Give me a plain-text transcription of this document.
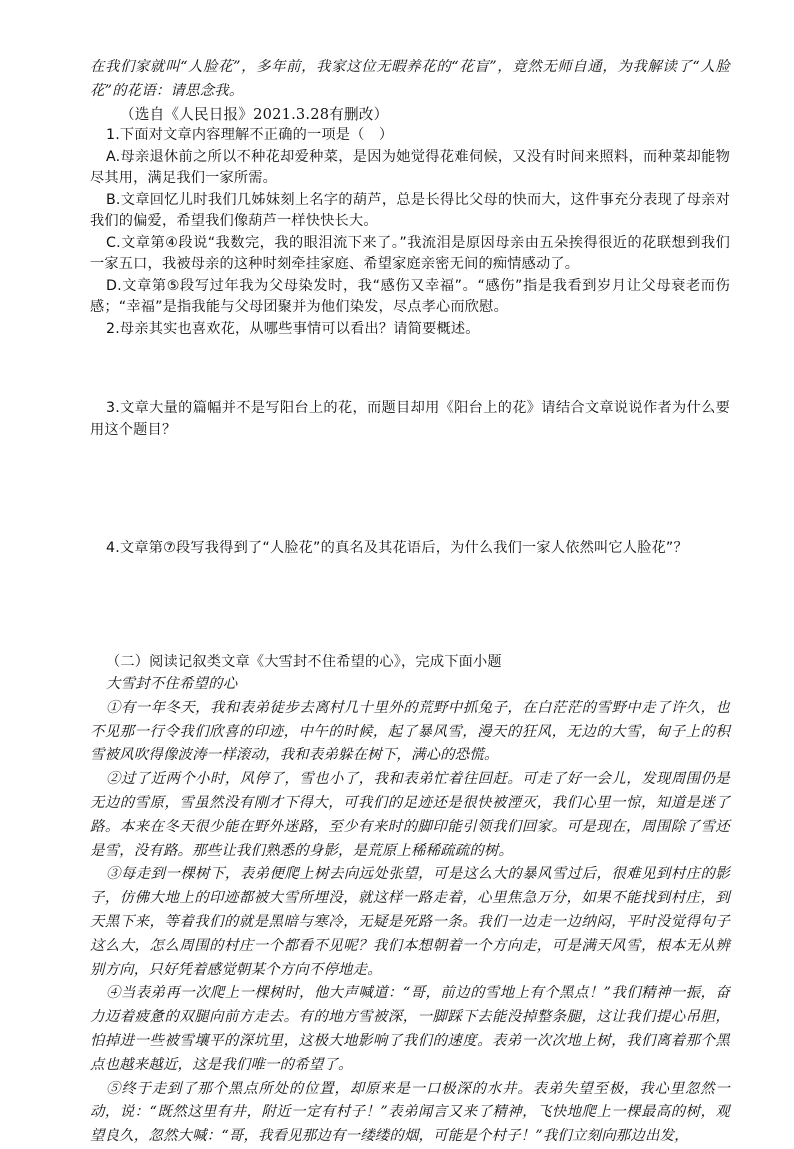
在我们家就叫“人脸花”，多年前，我家这位无暇养花的“花盲”，竟然无师自通，为我解读了“人脸花”的花语：请思念我。

（选自《人民日报》2021.3.28有删改）

1.下面对文章内容理解不正确的一项是（　）

A.母亲退休前之所以不种花却爱种菜，是因为她觉得花难伺候，又没有时间来照料，而种菜却能物尽其用，满足我们一家所需。

B.文章回忆儿时我们几姊妹刻上名字的葫芦，总是长得比父母的快而大，这件事充分表现了母亲对我们的偏爱，希望我们像葫芦一样快快长大。

C.文章第④段说“我数完，我的眼泪流下来了。”我流泪是原因母亲由五朵挨得很近的花联想到我们一家五口，我被母亲的这种时刻牵挂家庭、希望家庭亲密无间的痴情感动了。

D.文章第⑤段写过年我为父母染发时，我“感伤又幸福”。“感伤”指是我看到岁月让父母衰老而伤感；“幸福”是指我能与父母团聚并为他们染发，尽点孝心而欣慰。

2.母亲其实也喜欢花，从哪些事情可以看出？请简要概述。

3.文章大量的篇幅并不是写阳台上的花，而题目却用《阳台上的花》请结合文章说说作者为什么要用这个题目？

4.文章第⑦段写我得到了“人脸花”的真名及其花语后，为什么我们一家人依然叫它人脸花”？

（二）阅读记叙类文章《大雪封不住希望的心》，完成下面小题

大雪封不住希望的心

①有一年冬天，我和表弟徒步去离村几十里外的荒野中抓兔子，在白茫茫的雪野中走了许久，也不见那一行令我们欣喜的印迹，中午的时候，起了暴风雪，漫天的狂风，无边的大雪，甸子上的积雪被风吹得像波涛一样滚动，我和表弟躲在树下，满心的恐慌。

②过了近两个小时，风停了，雪也小了，我和表弟忙着往回赶。可走了好一会儿，发现周围仍是无边的雪原，雪虽然没有刚才下得大，可我们的足迹还是很快被湮灭，我们心里一惊，知道是迷了路。本来在冬天很少能在野外迷路，至少有来时的脚印能引领我们回家。可是现在，周围除了雪还是雪，没有路。那些让我们熟悉的身影，是荒原上稀稀疏疏的树。

③每走到一棵树下，表弟便爬上树去向远处张望，可是这么大的暴风雪过后，很难见到村庄的影子，仿佛大地上的印迹都被大雪所埋没，就这样一路走着，心里焦急万分，如果不能找到村庄，到天黑下来，等着我们的就是黑暗与寒冷，无疑是死路一条。我们一边走一边纳闷，平时没觉得句子这么大，怎么周围的村庄一个都看不见呢？我们本想朝着一个方向走，可是满天风雪，根本无从辨别方向，只好凭着感觉朝某个方向不停地走。

④当表弟再一次爬上一棵树时，他大声喊道：“哥，前边的雪地上有个黑点！”我们精神一振，奋力迈着疲惫的双腿向前方走去。有的地方雪被深，一脚踩下去能没掉整条腿，这让我们提心吊胆，怕掉进一些被雪壤平的深坑里，这极大地影响了我们的速度。表弟一次次地上树，我们离着那个黑点也越来越近，这是我们唯一的希望了。

⑤终于走到了那个黑点所处的位置，却原来是一口极深的水井。表弟失望至极，我心里忽然一动，说：“既然这里有井，附近一定有村子！”表弟闻言又来了精神，飞快地爬上一棵最高的树，观望良久，忽然大喊：“哥，我看见那边有一缕缕的烟，可能是个村子！”我们立刻向那边出发，
